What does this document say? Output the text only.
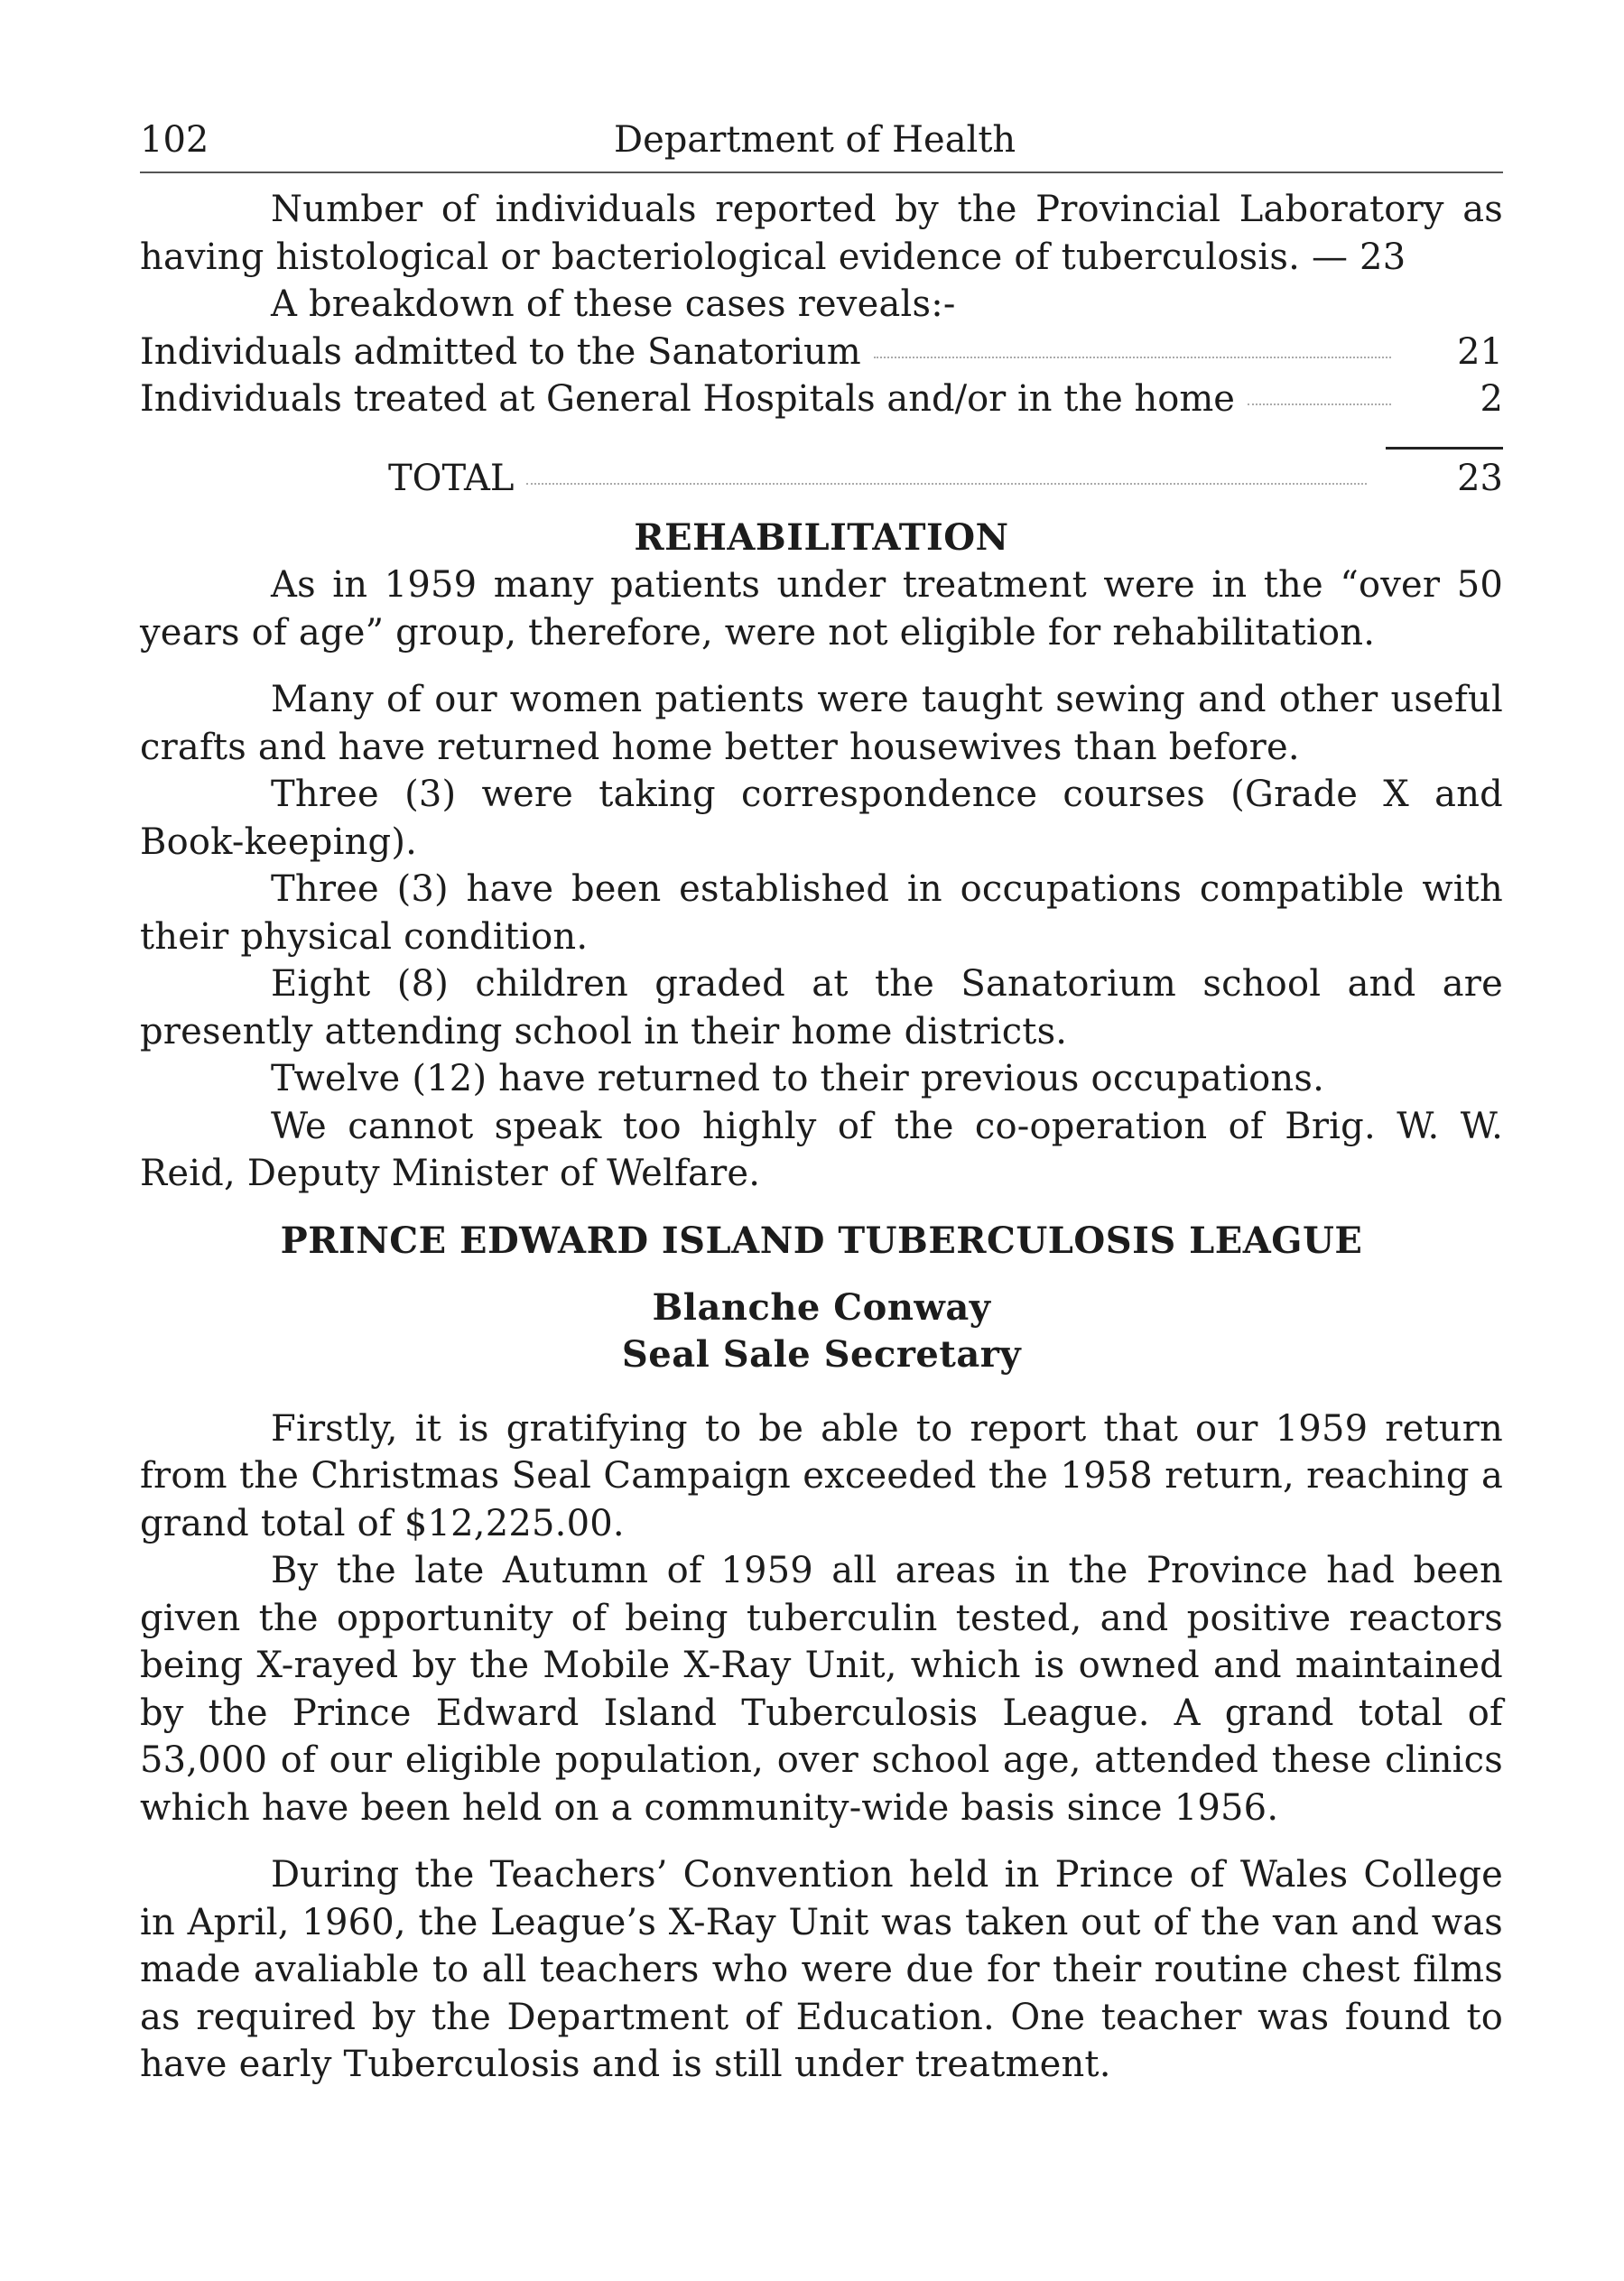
102	Department of Health

Number of individuals reported by the Provincial Laboratory as having histological or bacteriological evidence of tuberculosis. — 23

A breakdown of these cases reveals:-

Individuals admitted to the Sanatorium	21
Individuals treated at General Hospitals and/or in the home	2
TOTAL	23
REHABILITATION

As in 1959 many patients under treatment were in the “over 50 years of age” group, therefore, were not eligible for rehabilitation.

Many of our women patients were taught sewing and other useful crafts and have returned home better housewives than before.

Three (3) were taking correspondence courses (Grade X and Book-keeping).

Three (3) have been established in occupations compatible with their physical condition.

Eight (8) children graded at the Sanatorium school and are presently attending school in their home districts.

Twelve (12) have returned to their previous occupations.

We cannot speak too highly of the co-operation of Brig. W. W. Reid, Deputy Minister of Welfare.

PRINCE EDWARD ISLAND TUBERCULOSIS LEAGUE
Blanche Conway
Seal Sale Secretary

Firstly, it is gratifying to be able to report that our 1959 return from the Christmas Seal Campaign exceeded the 1958 return, reaching a grand total of $12,225.00.

By the late Autumn of 1959 all areas in the Province had been given the opportunity of being tuberculin tested, and positive reactors being X-rayed by the Mobile X-Ray Unit, which is owned and maintained by the Prince Edward Island Tuberculosis League. A grand total of 53,000 of our eligible population, over school age, attended these clinics which have been held on a community-wide basis since 1956.

During the Teachers’ Convention held in Prince of Wales College in April, 1960, the League’s X-Ray Unit was taken out of the van and was made avaliable to all teachers who were due for their routine chest films as required by the Department of Education. One teacher was found to have early Tuberculosis and is still under treatment.
